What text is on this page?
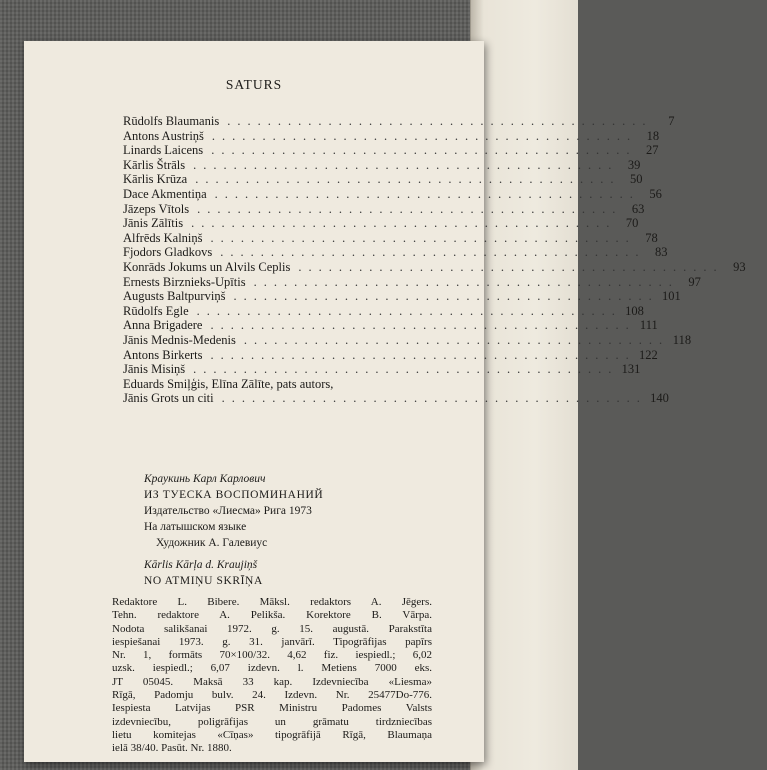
SATURS
Rūdolfs Blaumanis ..........................................	7
Antons Austriņš .......................................... 18
Linards Laicens .......................................... 27
Kārlis Štrāls .......................................... 39
Kārlis Krūza .......................................... 50
Dace Akmentiņa .......................................... 56
Jāzeps Vītols .......................................... 63
Jānis Zālītis .......................................... 70
Alfrēds Kalniņš .......................................... 78
Fjodors Gladkovs .......................................... 83
Konrāds Jokums un Alvils Ceplis .......................................... 93
Ernests Birznieks-Upītis .......................................... 97
Augusts Baltpurviņš .......................................... 101
Rūdolfs Egle .......................................... 108
Anna Brigadere .......................................... 111
Jānis Mednis-Medenis .......................................... 118
Antons Birkerts .......................................... 122
Jānis Misiņš .......................................... 131
Eduards Smiļģis, Elīna Zālīte, pats autors,
Jānis Grots un citi .......................................... 140
Краукинь Карл Карлович
ИЗ ТУЕСКА ВОСПОМИНАНИЙ
Издательство «Лиесма» Рига 1973
На латышском языке
Художник А. Галевиус
Kārlis Kārļa d. Kraujiņš
NO ATMIŅU SKRĪŅA
Redaktore L. Bibere. Māksl. redaktors A. Jēgers.
Tehn. redaktore A. Pelikša. Korektore B. Vārpa.
Nodota salikšanai 1972. g. 15. augustā. Parakstīta
iespiešanai 1973. g. 31. janvārī. Tipogrāfijas papīrs
Nr. 1, formāts 70×100/32. 4,62 fiz. iespiedl.; 6,02
uzsk. iespiedl.; 6,07 izdevn. l. Metiens 7000 eks.
JT 05045. Maksā 33 kap. Izdevniecība «Liesma»
Rīgā, Padomju bulv. 24. Izdevn. Nr. 25477Do-776.
Iespiesta Latvijas PSR Ministru Padomes Valsts
izdevniecību, poligrāfijas un grāmatu tirdzniecības
lietu komitejas «Cīņas» tipogrāfijā Rīgā, Blaumaņa
ielā 38/40. Pasūt. Nr. 1880.
